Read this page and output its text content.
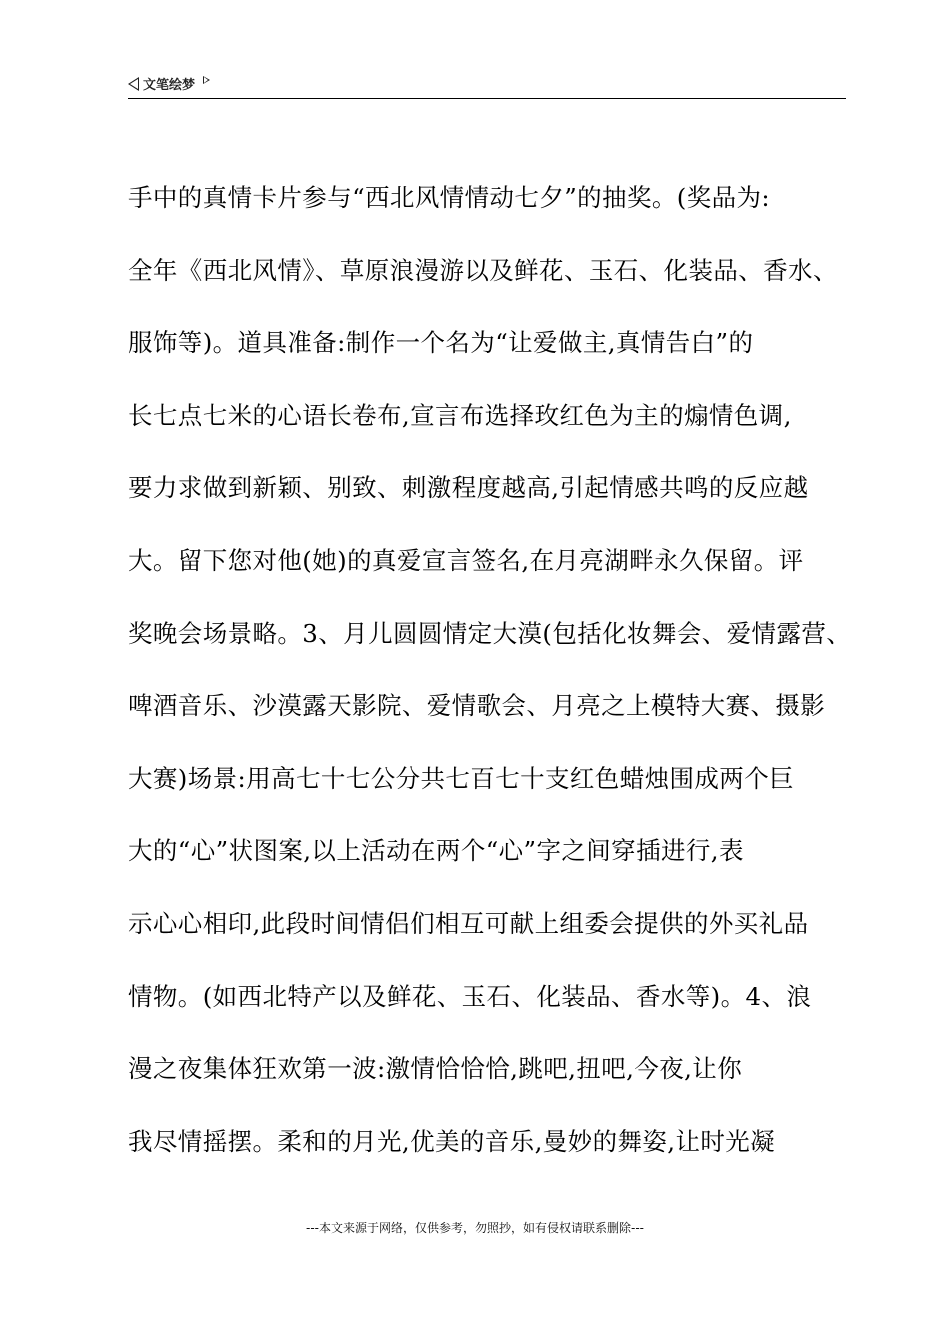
文笔绘梦
手中的真情卡片参与“西北风情情动七夕”的抽奖。(奖品为:
全年《西北风情》、草原浪漫游以及鲜花、玉石、化装品、香水、
服饰等)。道具准备:制作一个名为“让爱做主,真情告白”的
长七点七米的心语长卷布,宣言布选择玫红色为主的煽情色调,
要力求做到新颖、别致、刺激程度越高,引起情感共鸣的反应越
大。留下您对他(她)的真爱宣言签名,在月亮湖畔永久保留。评
奖晚会场景略。3、月儿圆圆情定大漠(包括化妆舞会、爱情露营、
啤酒音乐、沙漠露天影院、爱情歌会、月亮之上模特大赛、摄影
大赛)场景:用高七十七公分共七百七十支红色蜡烛围成两个巨
大的“心”状图案,以上活动在两个“心”字之间穿插进行,表
示心心相印,此段时间情侣们相互可献上组委会提供的外买礼品
情物。(如西北特产以及鲜花、玉石、化装品、香水等)。4、浪
漫之夜集体狂欢第一波:激情恰恰恰,跳吧,扭吧,今夜,让你
我尽情摇摆。柔和的月光,优美的音乐,曼妙的舞姿,让时光凝
---本文来源于网络，仅供参考，勿照抄，如有侵权请联系删除---
